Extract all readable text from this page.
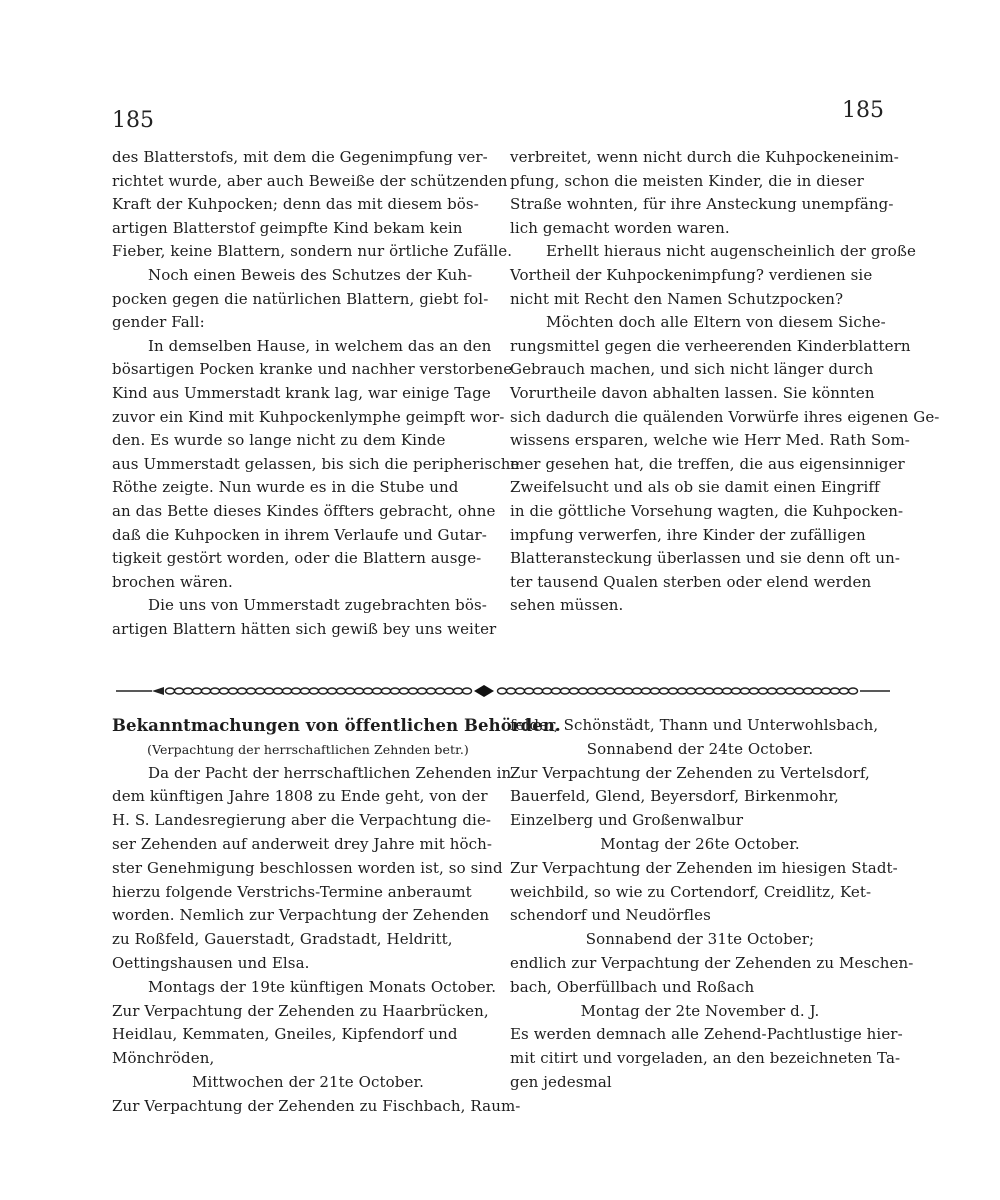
185	185

des Blatterstofs, mit dem die Gegenimpfung ver-

richtet wurde, aber auch Beweiße der schützenden

Kraft der Kuhpocken; denn das mit diesem bös-

artigen Blatterstof geimpfte Kind bekam kein

Fieber, keine Blattern, sondern nur örtliche Zufälle.

Noch einen Beweis des Schutzes der Kuh-

pocken gegen die natürlichen Blattern, giebt fol-

gender Fall:

In demselben Hause, in welchem das an den

bösartigen Pocken kranke und nachher verstorbene

Kind aus Ummerstadt krank lag, war einige Tage

zuvor ein Kind mit Kuhpockenlymphe geimpft wor-

den. Es wurde so lange nicht zu dem Kinde

aus Ummerstadt gelassen, bis sich die peripherische

Röthe zeigte. Nun wurde es in die Stube und

an das Bette dieses Kindes öffters gebracht, ohne

daß die Kuhpocken in ihrem Verlaufe und Gutar-

tigkeit gestört worden, oder die Blattern ausge-

brochen wären.

Die uns von Ummerstadt zugebrachten bös-

artigen Blattern hätten sich gewiß bey uns weiter

verbreitet, wenn nicht durch die Kuhpockeneinim-

pfung, schon die meisten Kinder, die in dieser

Straße wohnten, für ihre Ansteckung unempfäng-

lich gemacht worden waren.

Erhellt hieraus nicht augenscheinlich der große

Vortheil der Kuhpockenimpfung? verdienen sie

nicht mit Recht den Namen Schutzpocken?

Möchten doch alle Eltern von diesem Siche-

rungsmittel gegen die verheerenden Kinderblattern

Gebrauch machen, und sich nicht länger durch

Vorurtheile davon abhalten lassen. Sie könnten

sich dadurch die quälenden Vorwürfe ihres eigenen Ge-

wissens ersparen, welche wie Herr Med. Rath Som-

mer gesehen hat, die treffen, die aus eigensinniger

Zweifelsucht und als ob sie damit einen Eingriff

in die göttliche Vorsehung wagten, die Kuhpocken-

impfung verwerfen, ihre Kinder der zufälligen

Blatteransteckung überlassen und sie denn oft un-

ter tausend Qualen sterben oder elend werden

sehen müssen.

Bekanntmachungen von öffentlichen Behörden.

(Verpachtung der herrschaftlichen Zehnden betr.)

Da der Pacht der herrschaftlichen Zehenden in

dem künftigen Jahre 1808 zu Ende geht, von der

H. S. Landesregierung aber die Verpachtung die-

ser Zehenden auf anderweit drey Jahre mit höch-

ster Genehmigung beschlossen worden ist, so sind

hierzu folgende Verstrichs-Termine anberaumt

worden. Nemlich zur Verpachtung der Zehenden

zu Roßfeld, Gauerstadt, Gradstadt, Heldritt,

Oettingshausen und Elsa.

Montags der 19te künftigen Monats October.

Zur Verpachtung der Zehenden zu Haarbrücken,

Heidlau, Kemmaten, Gneiles, Kipfendorf und

Mönchröden,

Mittwochen der 21te October.

Zur Verpachtung der Zehenden zu Fischbach, Raum-

felder, Schönstädt, Thann und Unterwohlsbach,

Sonnabend der 24te October.

Zur Verpachtung der Zehenden zu Vertelsdorf,

Bauerfeld, Glend, Beyersdorf, Birkenmohr,

Einzelberg und Großenwalbur

Montag der 26te October.

Zur Verpachtung der Zehenden im hiesigen Stadt-

weichbild, so wie zu Cortendorf, Creidlitz, Ket-

schendorf und Neudörfles

Sonnabend der 31te October;

endlich zur Verpachtung der Zehenden zu Meschen-

bach, Oberfüllbach und Roßach

Montag der 2te November d. J.

Es werden demnach alle Zehend-Pachtlustige hier-

mit citirt und vorgeladen, an den bezeichneten Ta-

gen jedesmal
